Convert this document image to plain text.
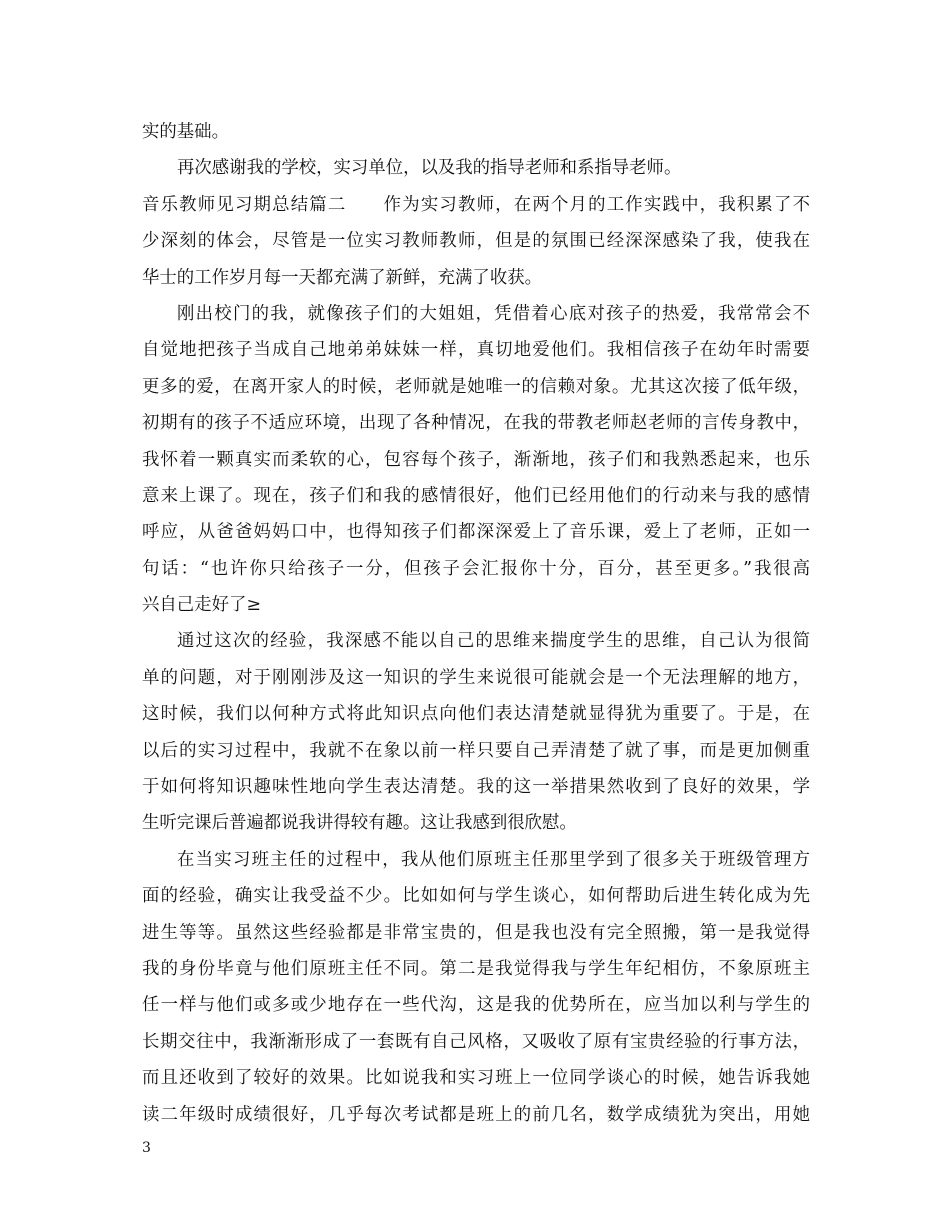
实的基础。
再次感谢我的学校，实习单位，以及我的指导老师和系指导老师。
音乐教师见习期总结篇二　　作为实习教师，在两个月的工作实践中，我积累了不
少深刻的体会，尽管是一位实习教师教师，但是的氛围已经深深感染了我，使我在
华士的工作岁月每一天都充满了新鲜，充满了收获。
刚出校门的我，就像孩子们的大姐姐，凭借着心底对孩子的热爱，我常常会不
自觉地把孩子当成自己地弟弟妹妹一样，真切地爱他们。我相信孩子在幼年时需要
更多的爱，在离开家人的时候，老师就是她唯一的信赖对象。尤其这次接了低年级，
初期有的孩子不适应环境，出现了各种情况，在我的带教老师赵老师的言传身教中，
我怀着一颗真实而柔软的心，包容每个孩子，渐渐地，孩子们和我熟悉起来，也乐
意来上课了。现在，孩子们和我的感情很好，他们已经用他们的行动来与我的感情
呼应，从爸爸妈妈口中，也得知孩子们都深深爱上了音乐课，爱上了老师，正如一
句话：“也许你只给孩子一分，但孩子会汇报你十分，百分，甚至更多。”我很高
兴自己走好了≥
通过这次的经验，我深感不能以自己的思维来揣度学生的思维，自己认为很简
单的问题，对于刚刚涉及这一知识的学生来说很可能就会是一个无法理解的地方，
这时候，我们以何种方式将此知识点向他们表达清楚就显得犹为重要了。于是，在
以后的实习过程中，我就不在象以前一样只要自己弄清楚了就了事，而是更加侧重
于如何将知识趣味性地向学生表达清楚。我的这一举措果然收到了良好的效果，学
生听完课后普遍都说我讲得较有趣。这让我感到很欣慰。
在当实习班主任的过程中，我从他们原班主任那里学到了很多关于班级管理方
面的经验，确实让我受益不少。比如如何与学生谈心，如何帮助后进生转化成为先
进生等等。虽然这些经验都是非常宝贵的，但是我也没有完全照搬，第一是我觉得
我的身份毕竟与他们原班主任不同。第二是我觉得我与学生年纪相仿，不象原班主
任一样与他们或多或少地存在一些代沟，这是我的优势所在，应当加以利与学生的
长期交往中，我渐渐形成了一套既有自己风格，又吸收了原有宝贵经验的行事方法，
而且还收到了较好的效果。比如说我和实习班上一位同学谈心的时候，她告诉我她
读二年级时成绩很好，几乎每次考试都是班上的前几名，数学成绩犹为突出，用她
3
